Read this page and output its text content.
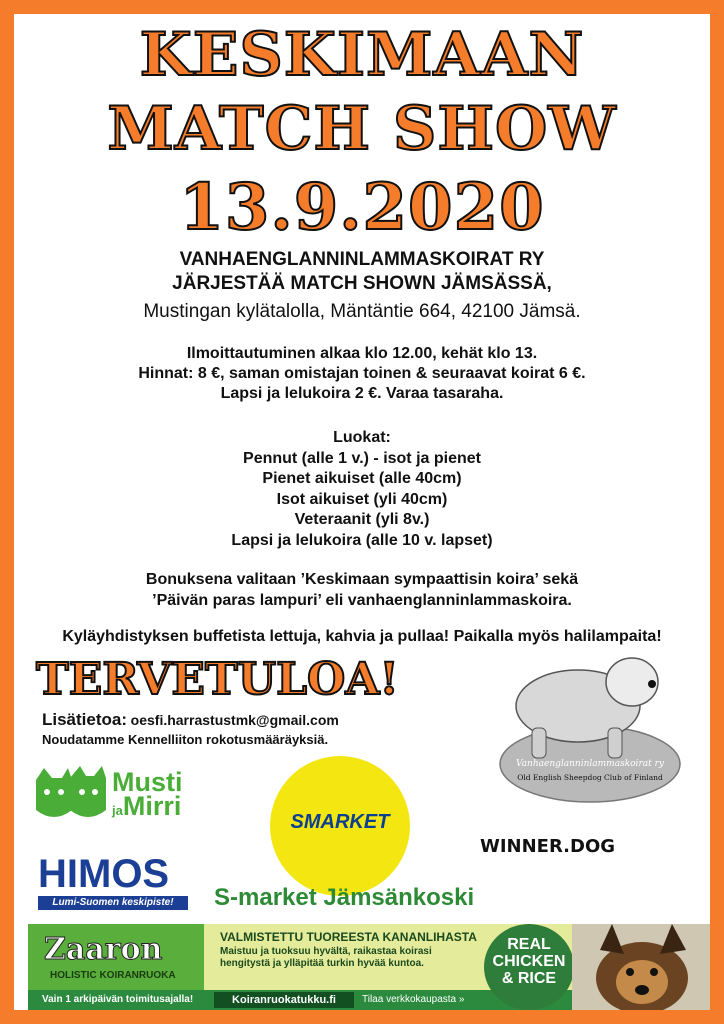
KESKIMAAN
MATCH SHOW
13.9.2020
VANHAENGLANNINLAMMASKOIRAT RY
JÄRJESTÄÄ MATCH SHOWN JÄMSÄSSÄ,
Mustingan kylätalolla, Mäntäntie 664, 42100 Jämsä.
Ilmoittautuminen alkaa klo 12.00, kehät klo 13.
Hinnat: 8 €, saman omistajan toinen & seuraavat koirat 6 €.
Lapsi ja lelukoira 2 €. Varaa tasaraha.
Luokat:
Pennut (alle 1 v.) - isot ja pienet
Pienet aikuiset (alle 40cm)
Isot aikuiset (yli 40cm)
Veteraanit (yli 8v.)
Lapsi ja lelukoira (alle 10 v. lapset)
Bonuksena valitaan ’Keskimaan sympaattisin koira’ sekä
’Päivän paras lampuri’ eli vanhaenglanninlammaskoira.
Kyläyhdistyksen buffetista lettuja, kahvia ja pullaa! Paikalla myös halilampaita!
TERVETULOA!
Lisätietoa: oesfi.harrastustmk@gmail.com
Noudatamme Kennelliiton rokotusmääräyksiä.
Vanhaenglanninlammaskoirat ry
Old English Sheepdog Club of Finland
Musti
jaMirri
SMARKET
WINNER.DOG
HIMOS
Lumi-Suomen keskipiste!	S-market Jämsänkoski
Zaaron
HOLISTIC KOIRANRUOKA
VALMISTETTU TUOREESTA KANANLIHASTA
Maistuu ja tuoksuu hyvältä, raikastaa koirasi
hengitystä ja ylläpitää turkin hyvää kuntoa.
Vain 1 arkipäivän toimitusajalla!	Koiranruokatukku.fi	Tilaa verkkokaupasta »
REAL
CHICKEN
& RICE
